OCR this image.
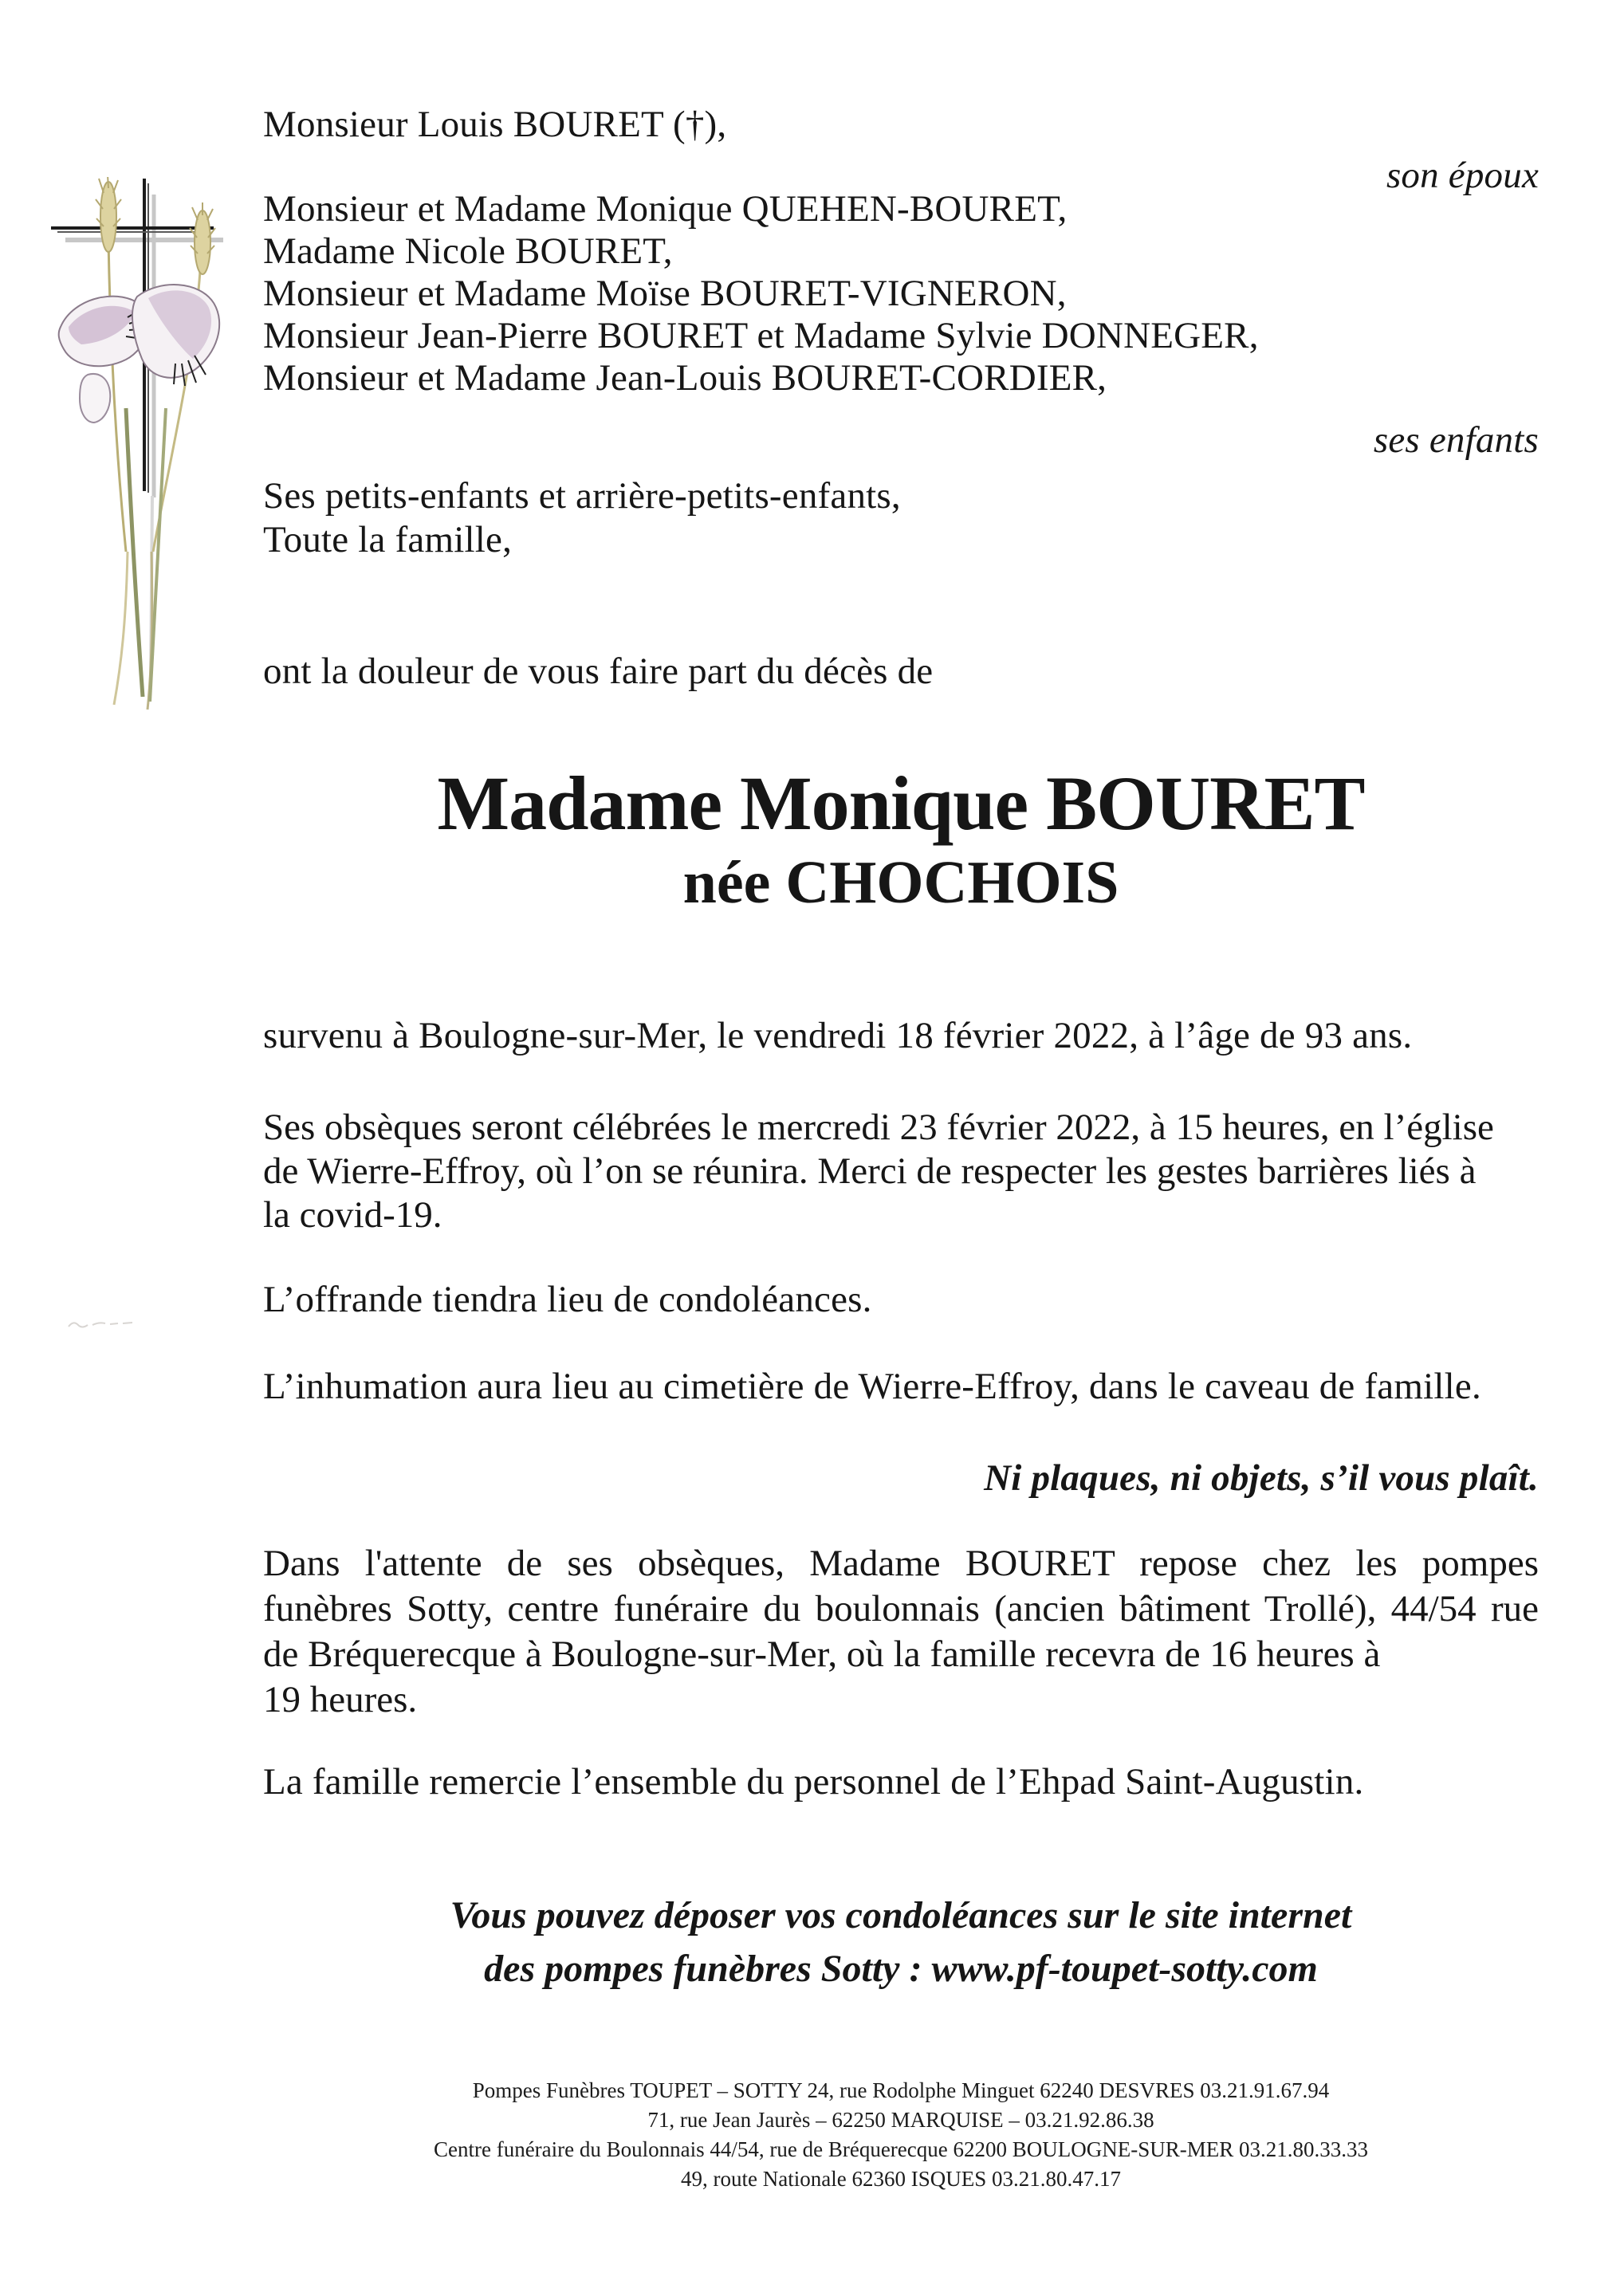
Monsieur Louis BOURET (†),
son époux
Monsieur et Madame Monique QUEHEN-BOURET,
Madame Nicole BOURET,
Monsieur et Madame Moïse BOURET-VIGNERON,
Monsieur Jean-Pierre BOURET et Madame Sylvie DONNEGER,
Monsieur et Madame Jean-Louis BOURET-CORDIER,
ses enfants
Ses petits-enfants et arrière-petits-enfants,
Toute la famille,
ont la douleur de vous faire part du décès de
Madame Monique BOURET
née CHOCHOIS
survenu à Boulogne-sur-Mer, le vendredi 18 février 2022, à l’âge de 93 ans.
Ses obsèques seront célébrées le mercredi 23 février 2022, à 15 heures, en l’église
de Wierre-Effroy, où l’on se réunira. Merci de respecter les gestes barrières liés à
la covid-19.
L’offrande tiendra lieu de condoléances.
L’inhumation aura lieu au cimetière de Wierre-Effroy, dans le caveau de famille.
Ni plaques, ni objets, s’il vous plaît.
Dans l'attente de ses obsèques, Madame BOURET repose chez les pompes
funèbres Sotty, centre funéraire du boulonnais (ancien bâtiment Trollé), 44/54 rue
de Bréquerecque à Boulogne-sur-Mer, où la famille recevra de 16 heures à
19 heures.
La famille remercie l’ensemble du personnel de l’Ehpad Saint-Augustin.
Vous pouvez déposer vos condoléances sur le site internet
des pompes funèbres Sotty : www.pf-toupet-sotty.com
Pompes Funèbres TOUPET – SOTTY 24, rue Rodolphe Minguet 62240 DESVRES 03.21.91.67.94
71, rue Jean Jaurès – 62250 MARQUISE – 03.21.92.86.38
Centre funéraire du Boulonnais 44/54, rue de Bréquerecque 62200 BOULOGNE-SUR-MER 03.21.80.33.33
49, route Nationale 62360 ISQUES 03.21.80.47.17
